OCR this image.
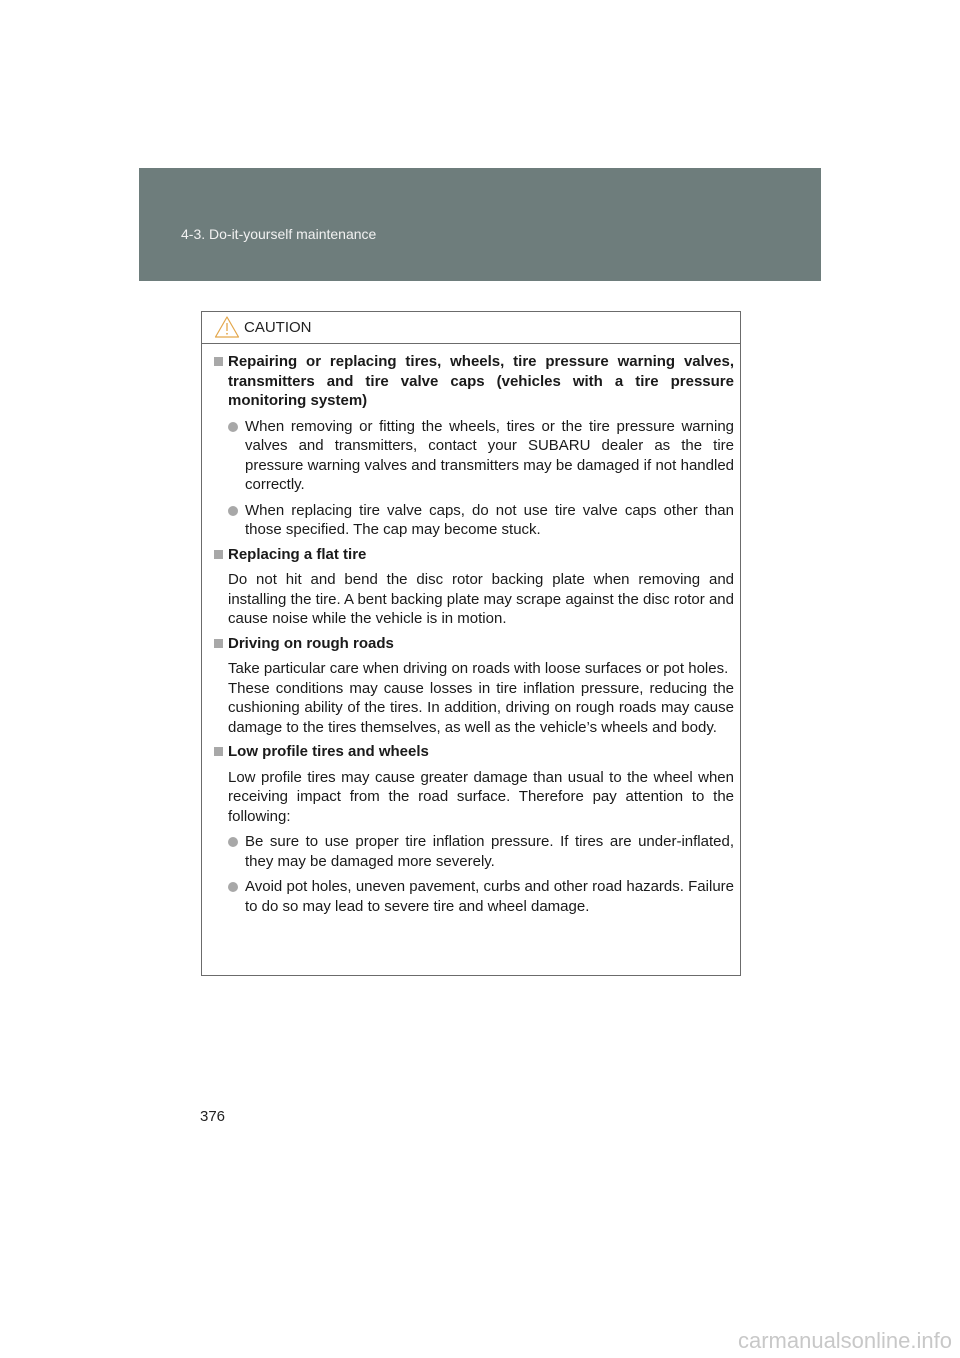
4-3. Do-it-yourself maintenance
CAUTION
Repairing or replacing tires, wheels, tire pressure warning valves, transmitters and tire valve caps (vehicles with a tire pressure monitoring system)
When removing or fitting the wheels, tires or the tire pressure warning valves and transmitters, contact your SUBARU dealer as the tire pressure warning valves and transmitters may be damaged if not handled correctly.
When replacing tire valve caps, do not use tire valve caps other than those specified. The cap may become stuck.
Replacing a flat tire
Do not hit and bend the disc rotor backing plate when removing and installing the tire. A bent backing plate may scrape against the disc rotor and cause noise while the vehicle is in motion.
Driving on rough roads
Take particular care when driving on roads with loose surfaces or pot holes.
These conditions may cause losses in tire inflation pressure, reducing the cushioning ability of the tires. In addition, driving on rough roads may cause damage to the tires themselves, as well as the vehicle’s wheels and body.
Low profile tires and wheels
Low profile tires may cause greater damage than usual to the wheel when receiving impact from the road surface. Therefore pay attention to the following:
Be sure to use proper tire inflation pressure. If tires are under-inflated, they may be damaged more severely.
Avoid pot holes, uneven pavement, curbs and other road hazards. Failure to do so may lead to severe tire and wheel damage.
376
carmanualsonline.info
